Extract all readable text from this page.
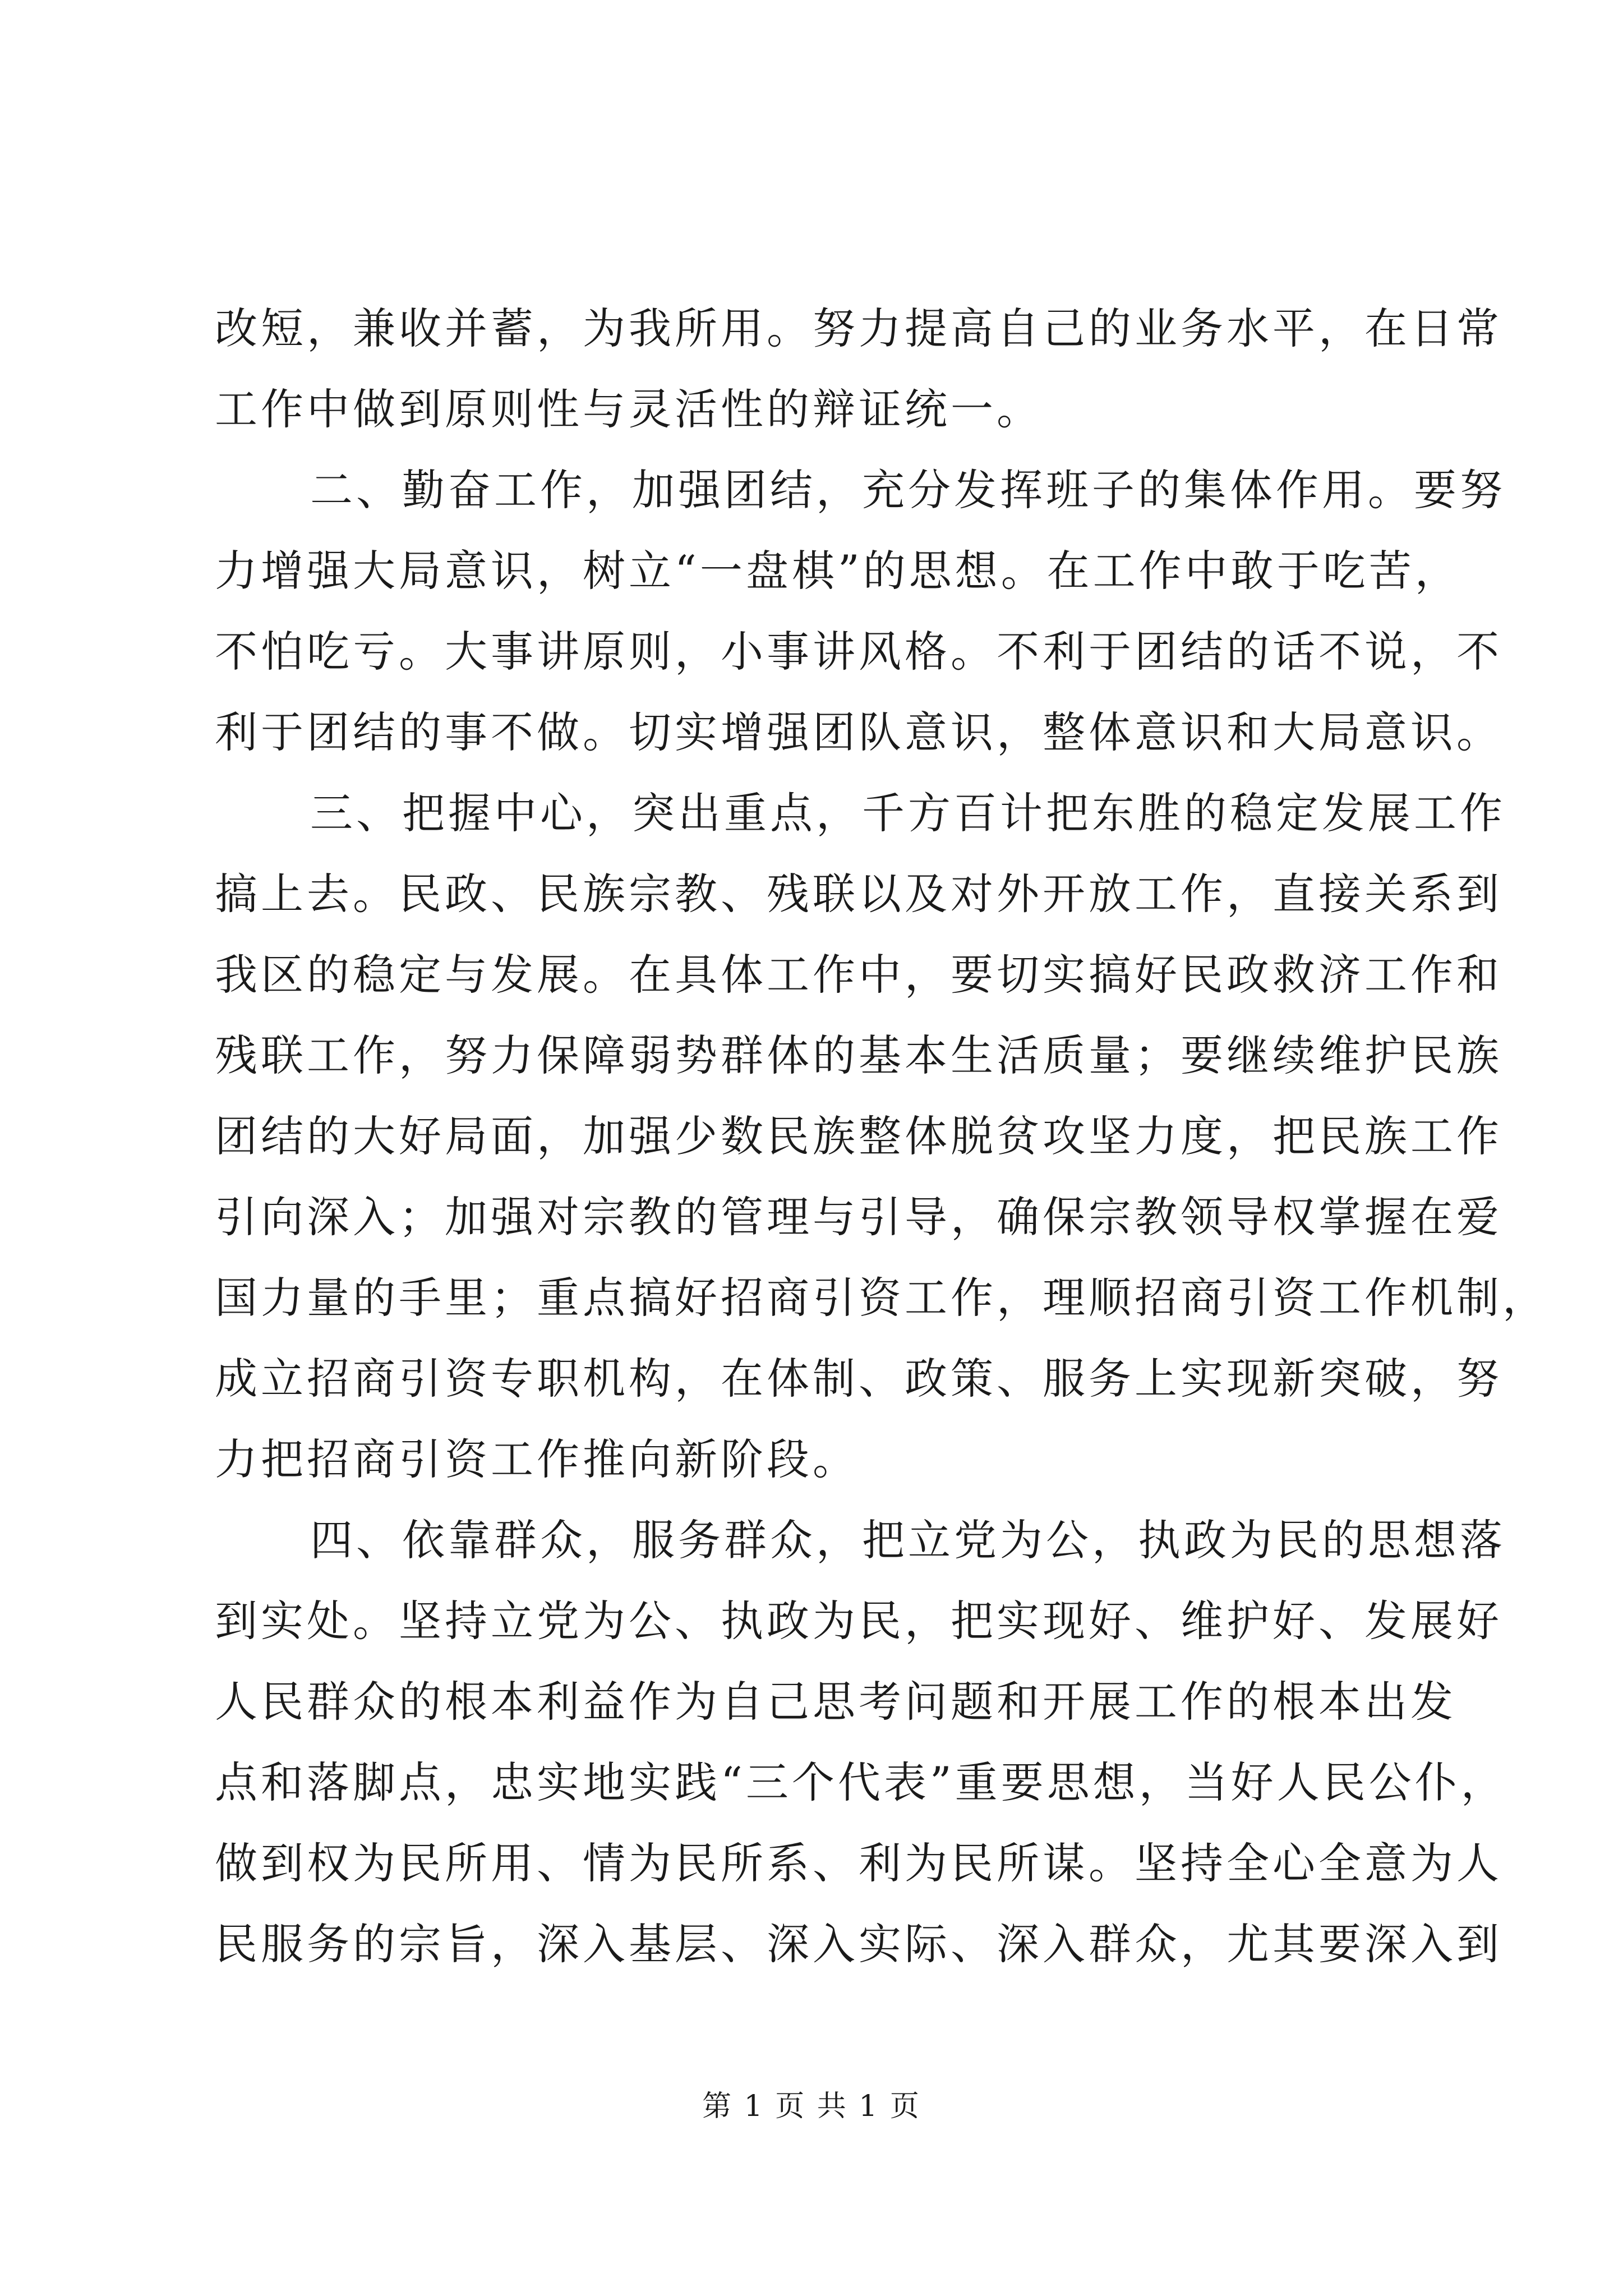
改短，兼收并蓄，为我所用。努力提高自己的业务水平，在日常
工作中做到原则性与灵活性的辩证统一。
二、勤奋工作，加强团结，充分发挥班子的集体作用。要努
力增强大局意识，树立“一盘棋”的思想。在工作中敢于吃苦，
不怕吃亏。大事讲原则，小事讲风格。不利于团结的话不说，不
利于团结的事不做。切实增强团队意识，整体意识和大局意识。
三、把握中心，突出重点，千方百计把东胜的稳定发展工作
搞上去。民政、民族宗教、残联以及对外开放工作，直接关系到
我区的稳定与发展。在具体工作中，要切实搞好民政救济工作和
残联工作，努力保障弱势群体的基本生活质量；要继续维护民族
团结的大好局面，加强少数民族整体脱贫攻坚力度，把民族工作
引向深入；加强对宗教的管理与引导，确保宗教领导权掌握在爱
国力量的手里；重点搞好招商引资工作，理顺招商引资工作机制，
成立招商引资专职机构，在体制、政策、服务上实现新突破，努
力把招商引资工作推向新阶段。
四、依靠群众，服务群众，把立党为公，执政为民的思想落
到实处。坚持立党为公、执政为民，把实现好、维护好、发展好
人民群众的根本利益作为自己思考问题和开展工作的根本出发
点和落脚点，忠实地实践“三个代表”重要思想，当好人民公仆，
做到权为民所用、情为民所系、利为民所谋。坚持全心全意为人
民服务的宗旨，深入基层、深入实际、深入群众，尤其要深入到
第 1 页 共 1 页
